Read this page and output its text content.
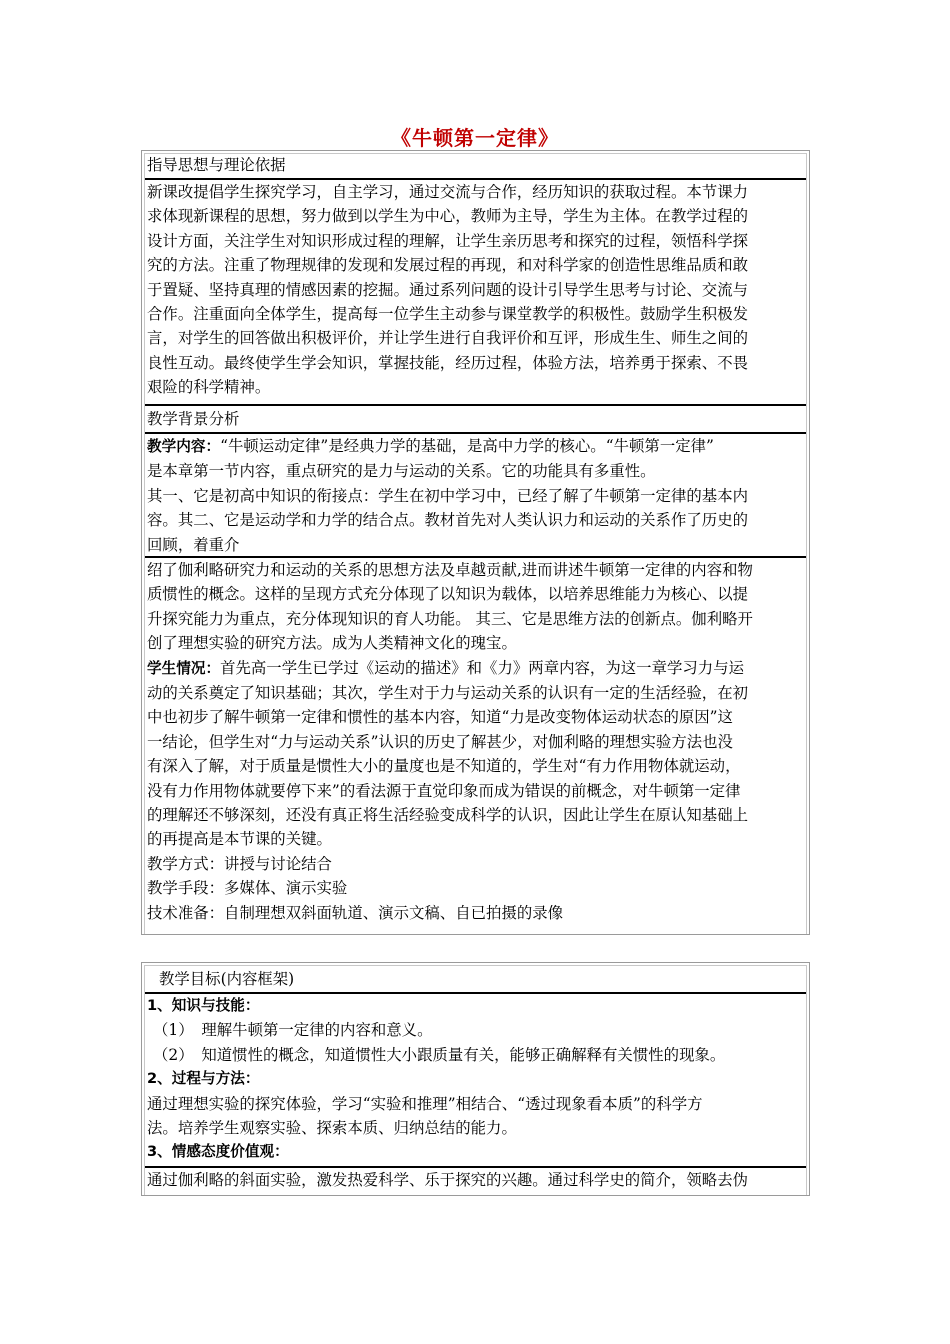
《牛顿第一定律》
指导思想与理论依据
新课改提倡学生探究学习，自主学习，通过交流与合作，经历知识的获取过程。本节课力
求体现新课程的思想，努力做到以学生为中心，教师为主导，学生为主体。在教学过程的
设计方面，关注学生对知识形成过程的理解，让学生亲历思考和探究的过程，领悟科学探
究的方法。注重了物理规律的发现和发展过程的再现，和对科学家的创造性思维品质和敢
于置疑、坚持真理的情感因素的挖掘。通过系列问题的设计引导学生思考与讨论、交流与
合作。注重面向全体学生，提高每一位学生主动参与课堂教学的积极性。鼓励学生积极发
言，对学生的回答做出积极评价，并让学生进行自我评价和互评，形成生生、师生之间的
良性互动。最终使学生学会知识，掌握技能，经历过程，体验方法，培养勇于探索、不畏
艰险的科学精神。
教学背景分析
教学内容：“牛顿运动定律”是经典力学的基础，是高中力学的核心。“牛顿第一定律”
是本章第一节内容，重点研究的是力与运动的关系。它的功能具有多重性。
其一、它是初高中知识的衔接点：学生在初中学习中，已经了解了牛顿第一定律的基本内
容。其二、它是运动学和力学的结合点。教材首先对人类认识力和运动的关系作了历史的
回顾，着重介
绍了伽利略研究力和运动的关系的思想方法及卓越贡献,进而讲述牛顿第一定律的内容和物
质惯性的概念。这样的呈现方式充分体现了以知识为载体，以培养思维能力为核心、以提
升探究能力为重点，充分体现知识的育人功能。 其三、它是思维方法的创新点。伽利略开
创了理想实验的研究方法。成为人类精神文化的瑰宝。
学生情况：首先高一学生已学过《运动的描述》和《力》两章内容，为这一章学习力与运
动的关系奠定了知识基础；其次，学生对于力与运动关系的认识有一定的生活经验，在初
中也初步了解牛顿第一定律和惯性的基本内容，知道“力是改变物体运动状态的原因”这
一结论，但学生对“力与运动关系”认识的历史了解甚少，对伽利略的理想实验方法也没
有深入了解，对于质量是惯性大小的量度也是不知道的，学生对“有力作用物体就运动，
没有力作用物体就要停下来”的看法源于直觉印象而成为错误的前概念，对牛顿第一定律
的理解还不够深刻，还没有真正将生活经验变成科学的认识，因此让学生在原认知基础上
的再提高是本节课的关键。
教学方式：讲授与讨论结合
教学手段：多媒体、演示实验
技术准备：自制理想双斜面轨道、演示文稿、自已拍摄的录像
教学目标(内容框架)
1、知识与技能：
（1）　理解牛顿第一定律的内容和意义。
（2）　知道惯性的概念，知道惯性大小跟质量有关，能够正确解释有关惯性的现象。
2、过程与方法：
通过理想实验的探究体验，学习“实验和推理”相结合、“透过现象看本质”的科学方
法。培养学生观察实验、探索本质、归纳总结的能力。
3、情感态度价值观：
通过伽利略的斜面实验，激发热爱科学、乐于探究的兴趣。通过科学史的简介，领略去伪
